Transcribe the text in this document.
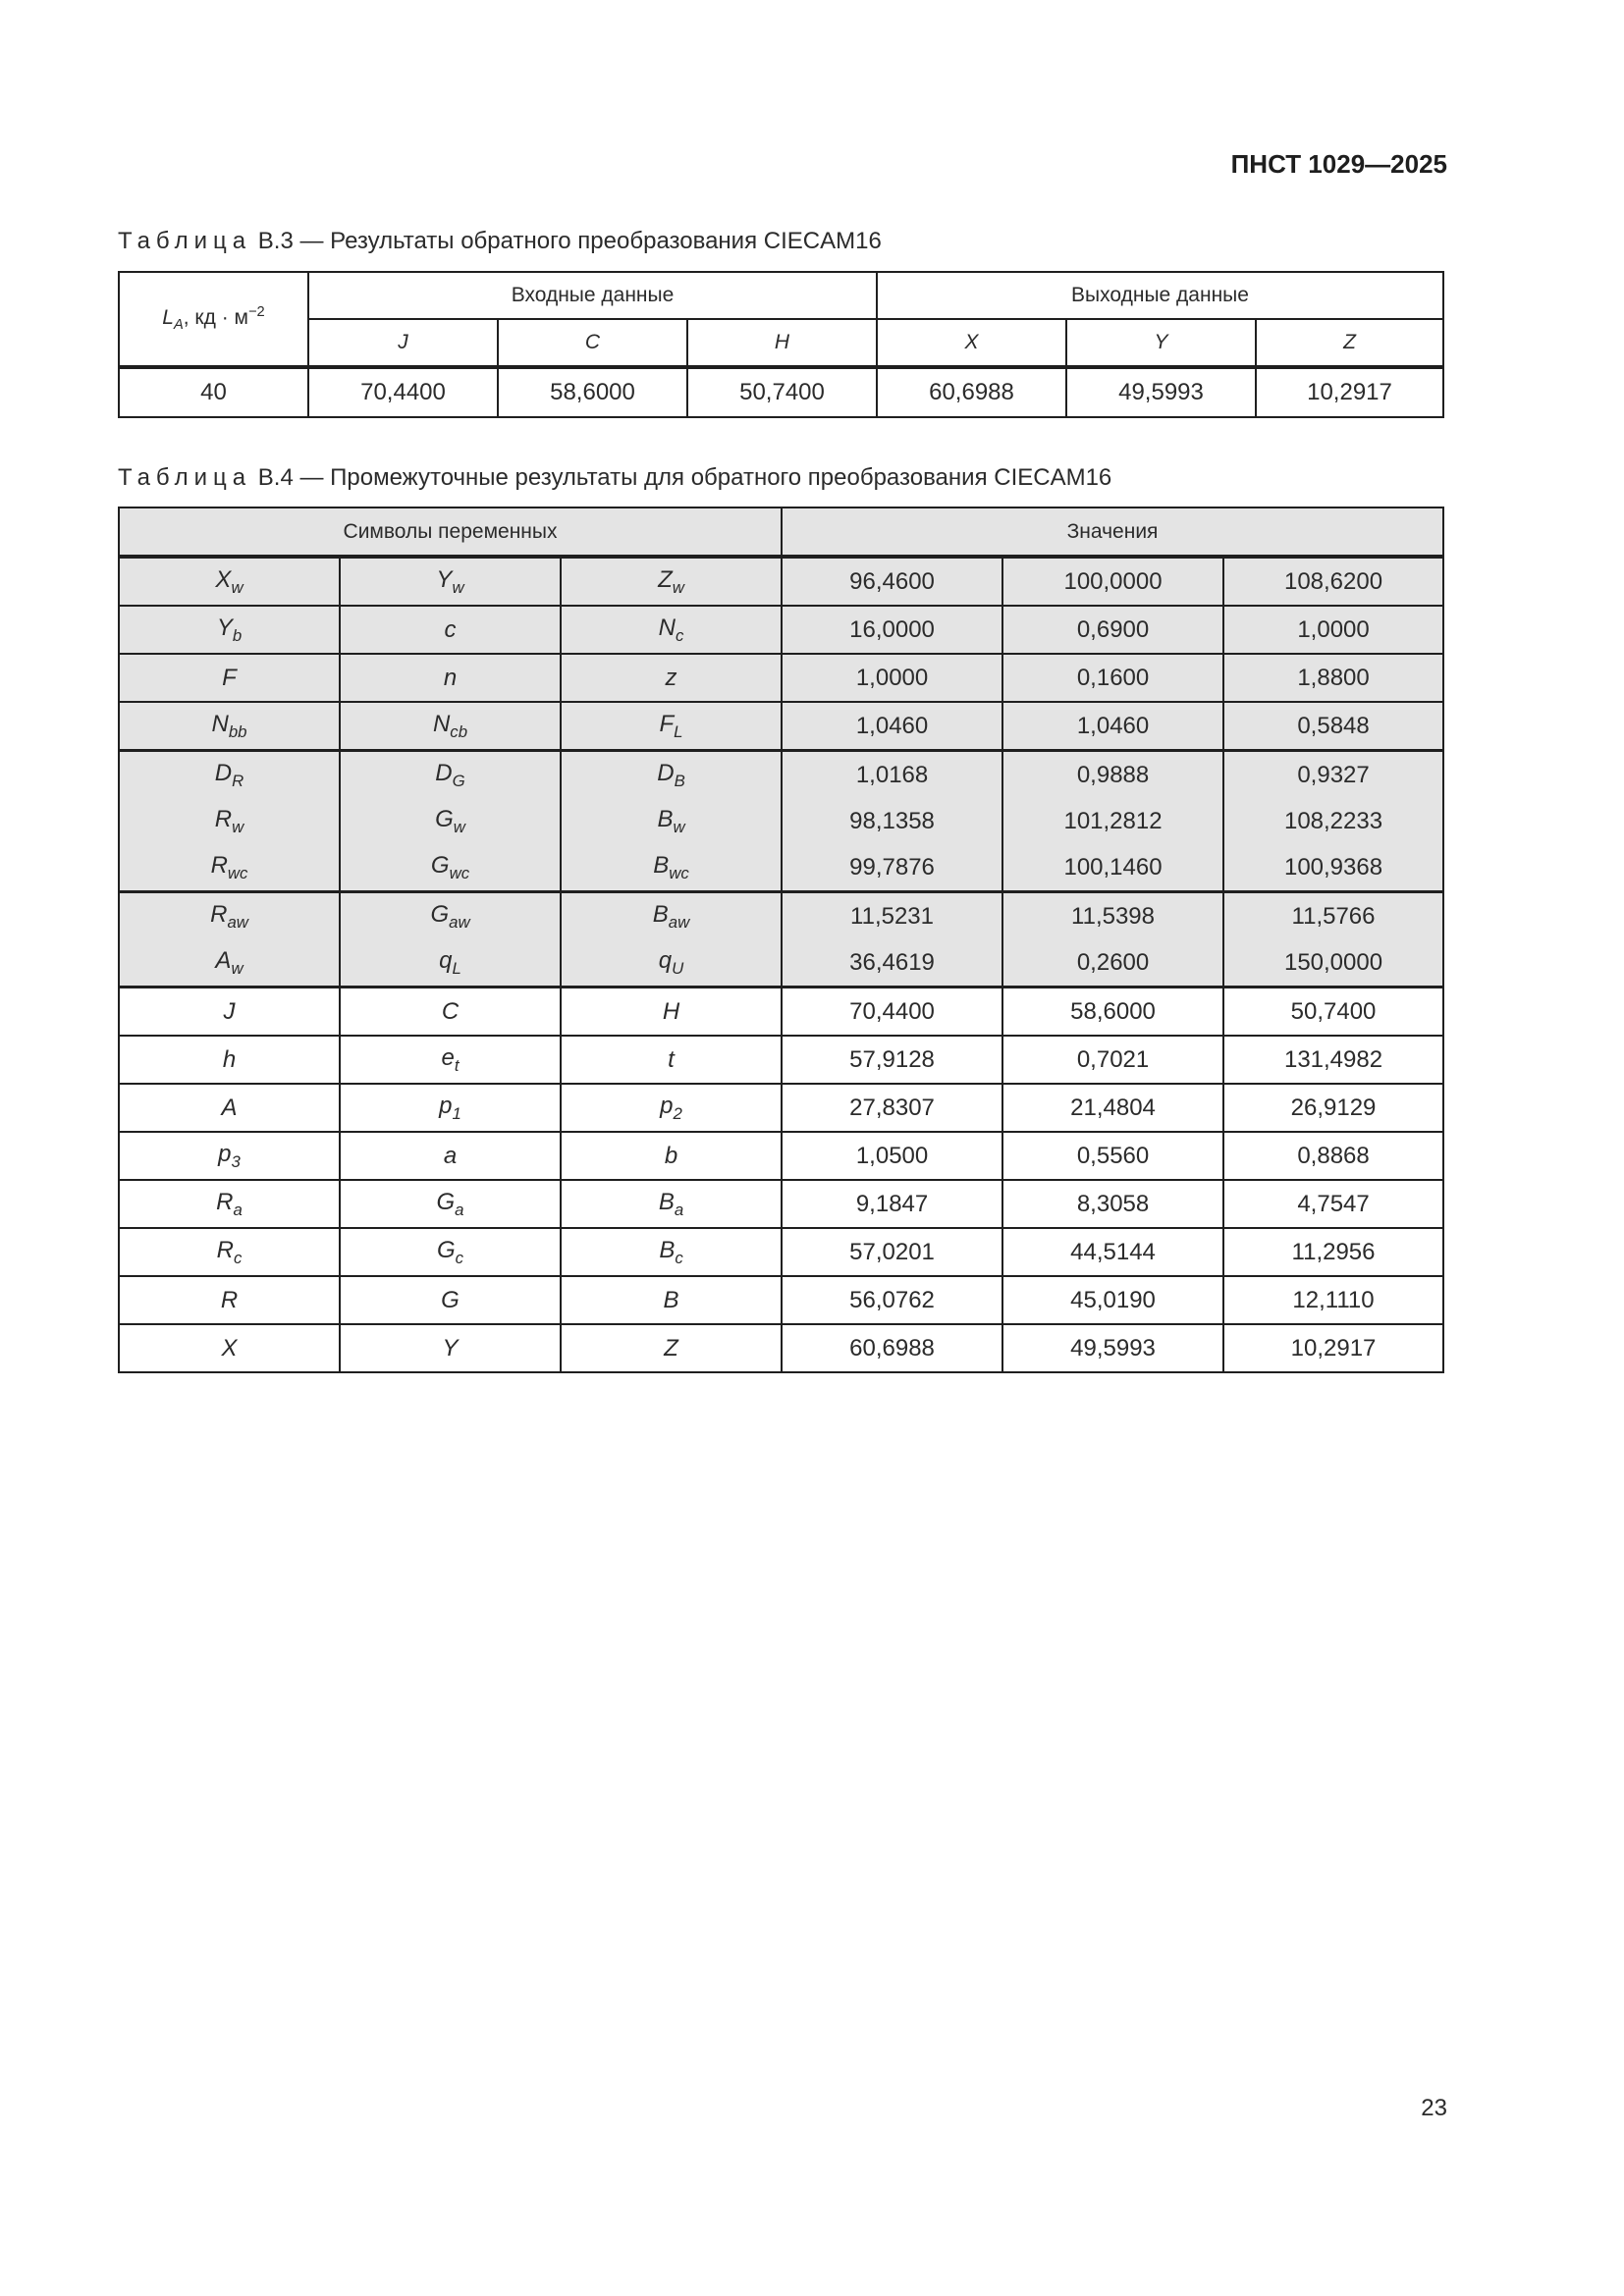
ПНСТ 1029—2025
Таблица В.3 — Результаты обратного преобразования CIECAM16
$L_A$, кд · $м^{-2}$	Входные данные			Выходные данные		
	J	C	H	X	Y	Z
40	70,4400	58,6000	50,7400	60,6988	49,5993	10,2917
Таблица В.4 — Промежуточные результаты для обратного преобразования CIECAM16
Символы переменных			Значения		
$X_w$	$Y_w$	$Z_w$	96,4600	100,0000	108,6200
$Y_b$	c	$N_c$	16,0000	0,6900	1,0000
F	n	z	1,0000	0,1600	1,8800
$N_{bb}$	$N_{cb}$	$F_L$	1,0460	1,0460	0,5848
$D_R$	$D_G$	$D_B$	1,0168	0,9888	0,9327
$R_w$	$G_w$	$B_w$	98,1358	101,2812	108,2233
$R_{wc}$	$G_{wc}$	$B_{wc}$	99,7876	100,1460	100,9368
$R_{aw}$	$G_{aw}$	$B_{aw}$	11,5231	11,5398	11,5766
$A_w$	$q_L$	$q_U$	36,4619	0,2600	150,0000
J	C	H	70,4400	58,6000	50,7400
h	$e_t$	t	57,9128	0,7021	131,4982
A	$p_1$	$p_2$	27,8307	21,4804	26,9129
$p_3$	a	b	1,0500	0,5560	0,8868
$R_a$	$G_a$	$B_a$	9,1847	8,3058	4,7547
$R_c$	$G_c$	$B_c$	57,0201	44,5144	11,2956
R	G	B	56,0762	45,0190	12,1110
X	Y	Z	60,6988	49,5993	10,2917
23
